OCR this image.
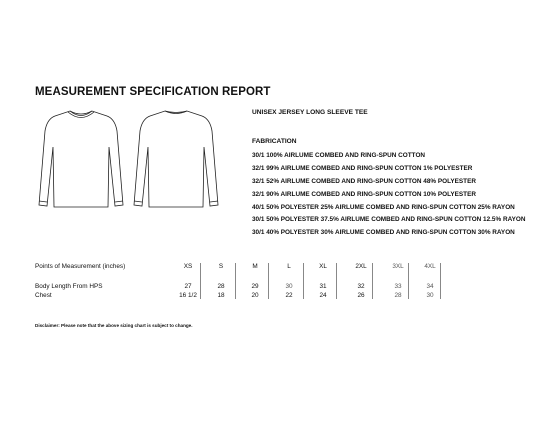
MEASUREMENT SPECIFICATION REPORT
UNISEX JERSEY LONG SLEEVE TEE
FABRICATION
30/1 100% AIRLUME COMBED AND RING-SPUN COTTON
32/1 99% AIRLUME COMBED AND RING-SPUN COTTON 1% POLYESTER
32/1 52% AIRLUME COMBED AND RING-SPUN COTTON 48% POLYESTER
32/1 90% AIRLUME COMBED AND RING-SPUN COTTON 10% POLYESTER
40/1 50% POLYESTER 25% AIRLUME COMBED AND RING-SPUN COTTON 25% RAYON
30/1 50% POLYESTER 37.5% AIRLUME COMBED AND RING-SPUN COTTON 12.5% RAYON
30/1 40% POLYESTER 30% AIRLUME COMBED AND RING-SPUN COTTON 30% RAYON
Points of Measurement (inches)	XS	S	M	L	XL	2XL	3XL	4XL
Body Length From HPS	27	28	29	30	31	32	33	34
Chest	16 1/2	18	20	22	24	26	28	30
Disclaimer: Please note that the above sizing chart is subject to change.
